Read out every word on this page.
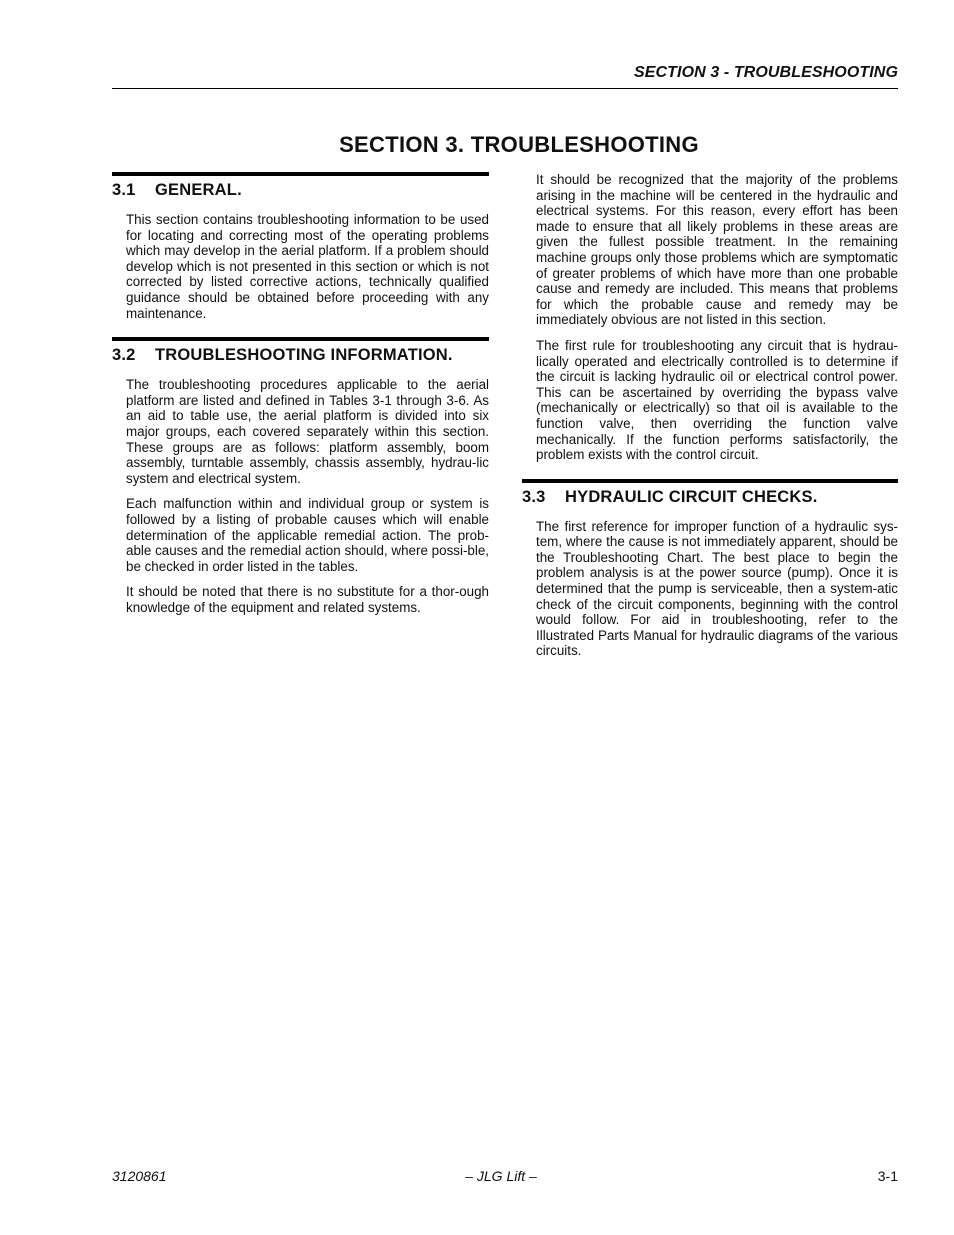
SECTION 3 - TROUBLESHOOTING
SECTION 3. TROUBLESHOOTING
3.1 GENERAL.

This section contains troubleshooting information to be used for locating and correcting most of the operating problems which may develop in the aerial platform. If a problem should develop which is not presented in this section or which is not corrected by listed corrective actions, technically qualified guidance should be obtained before proceeding with any maintenance.

3.2 TROUBLESHOOTING INFORMATION.

The troubleshooting procedures applicable to the aerial platform are listed and defined in Tables 3-1 through 3-6. As an aid to table use, the aerial platform is divided into six major groups, each covered separately within this section. These groups are as follows: platform assembly, boom assembly, turntable assembly, chassis assembly, hydrau-lic system and electrical system.

Each malfunction within and individual group or system is followed by a listing of probable causes which will enable determination of the applicable remedial action. The prob-able causes and the remedial action should, where possi-ble, be checked in order listed in the tables.

It should be noted that there is no substitute for a thor-ough knowledge of the equipment and related systems.

It should be recognized that the majority of the problems arising in the machine will be centered in the hydraulic and electrical systems. For this reason, every effort has been made to ensure that all likely problems in these areas are given the fullest possible treatment. In the remaining machine groups only those problems which are symptomatic of greater problems of which have more than one probable cause and remedy are included. This means that problems for which the probable cause and remedy may be immediately obvious are not listed in this section.

The first rule for troubleshooting any circuit that is hydrau-lically operated and electrically controlled is to determine if the circuit is lacking hydraulic oil or electrical control power. This can be ascertained by overriding the bypass valve (mechanically or electrically) so that oil is available to the function valve, then overriding the function valve mechanically. If the function performs satisfactorily, the problem exists with the control circuit.

3.3 HYDRAULIC CIRCUIT CHECKS.

The first reference for improper function of a hydraulic sys-tem, where the cause is not immediately apparent, should be the Troubleshooting Chart. The best place to begin the problem analysis is at the power source (pump). Once it is determined that the pump is serviceable, then a system-atic check of the circuit components, beginning with the control would follow. For aid in troubleshooting, refer to the Illustrated Parts Manual for hydraulic diagrams of the various circuits.

3120861	– JLG Lift –	3-1
